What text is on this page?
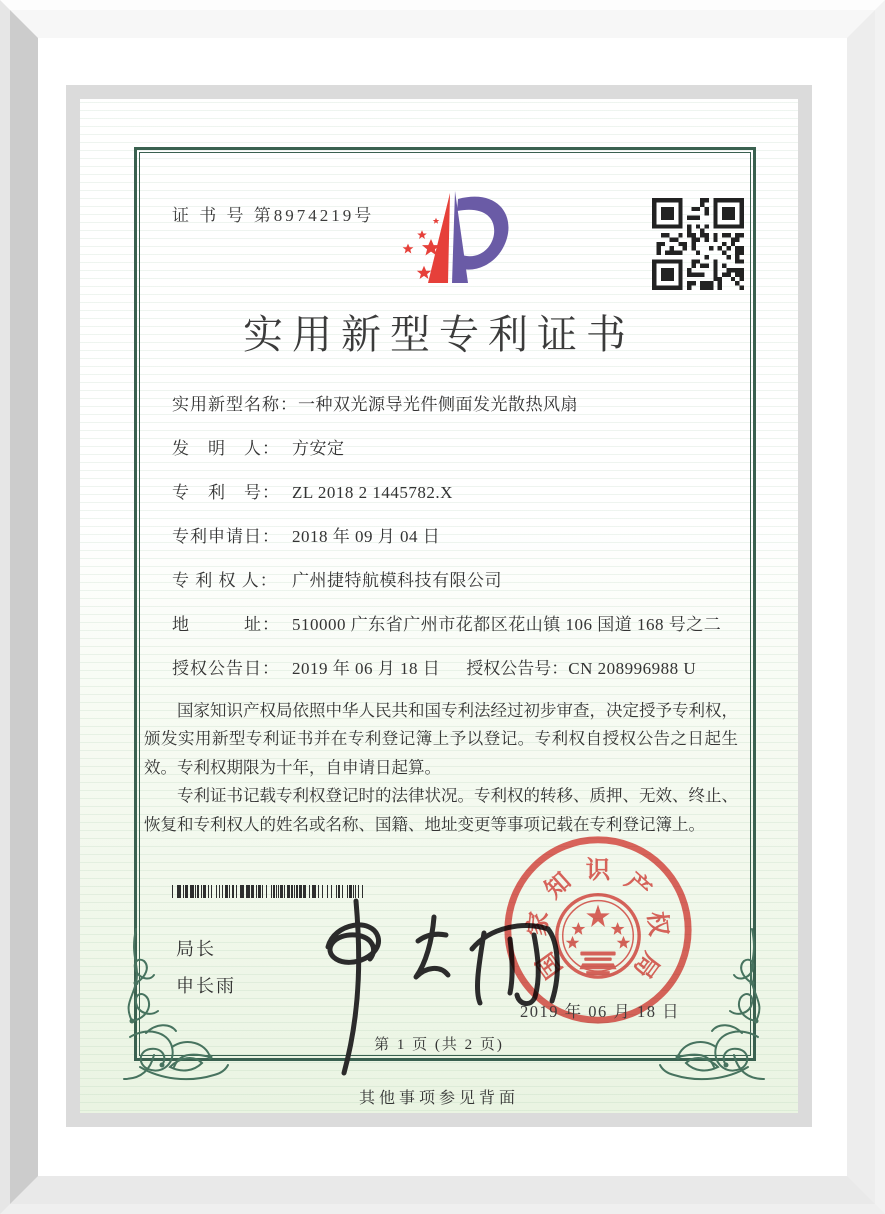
证 书 号 第8974219号
实用新型专利证书
实用新型名称：一种双光源导光件侧面发光散热风扇
发　明　人： 方安定
专　利　号： ZL 2018 2 1445782.X
专利申请日： 2018 年 09 月 04 日
专 利 权 人： 广州捷特航模科技有限公司
地　　　址： 510000 广东省广州市花都区花山镇 106 国道 168 号之二
授权公告日： 2019 年 06 月 18 日 授权公告号：CN 208996988 U

国家知识产权局依照中华人民共和国专利法经过初步审查，决定授予专利权，颁发实用新型专利证书并在专利登记簿上予以登记。专利权自授权公告之日起生效。专利权期限为十年，自申请日起算。

专利证书记载专利权登记时的法律状况。专利权的转移、质押、无效、终止、恢复和专利权人的姓名或名称、国籍、地址变更等事项记载在专利登记簿上。

局长
申长雨
国
家
知 识 产
权
局
2019 年 06 月 18 日
第 1 页 (共 2 页)
其他事项参见背面
